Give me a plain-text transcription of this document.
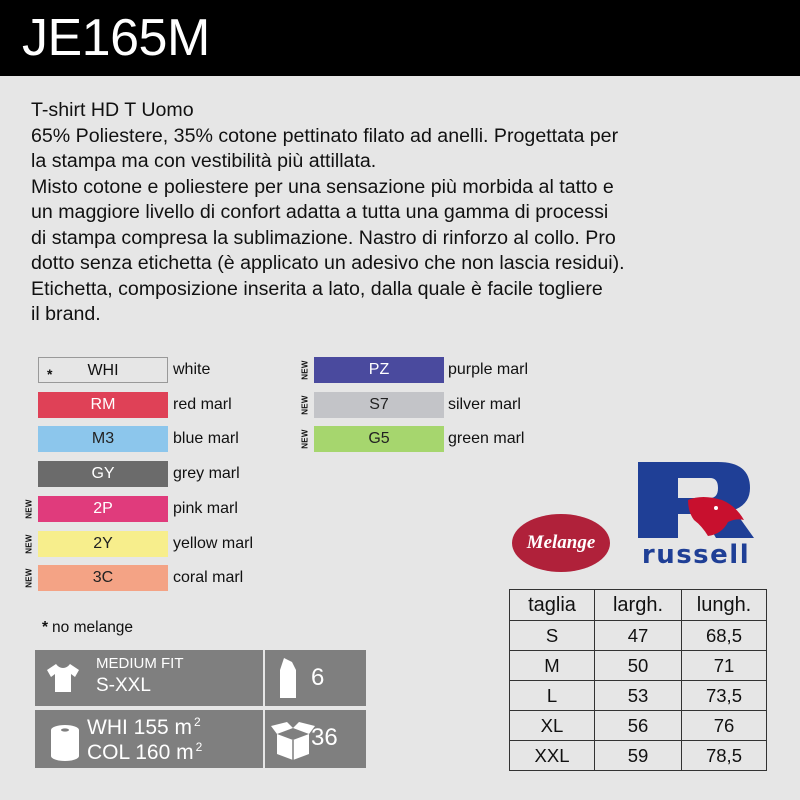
JE165M
T-shirt HD T Uomo
65% Poliestere, 35% cotone pettinato filato ad anelli. Progettata per
la stampa ma con vestibilità più attillata.
Misto cotone e poliestere per una sensazione più morbida al tatto e
un maggiore livello di confort adatta a tutta una gamma di processi
di stampa compresa la sublimazione. Nastro di rinforzo al collo. Pro
dotto senza etichetta (è applicato un adesivo che non lascia residui).
Etichetta, composizione inserita a lato, dalla quale è facile togliere
il brand.
* WHI	white
RM	red marl
M3	blue marl
GY	grey marl
NEW	2P	pink marl
NEW	2Y	yellow marl
NEW	3C	coral marl
NEW	PZ	purple marl
NEW	S7	silver marl
NEW	G5	green marl
russell
Melange
* no melange
MEDIUM FIT
S-XXL	6
WHI 155 m $^2$
COL 160 m $^2$	36
taglia	largh.	lungh.
S	47	68,5
M	50	71
L	53	73,5
XL	56	76
XXL	59	78,5
